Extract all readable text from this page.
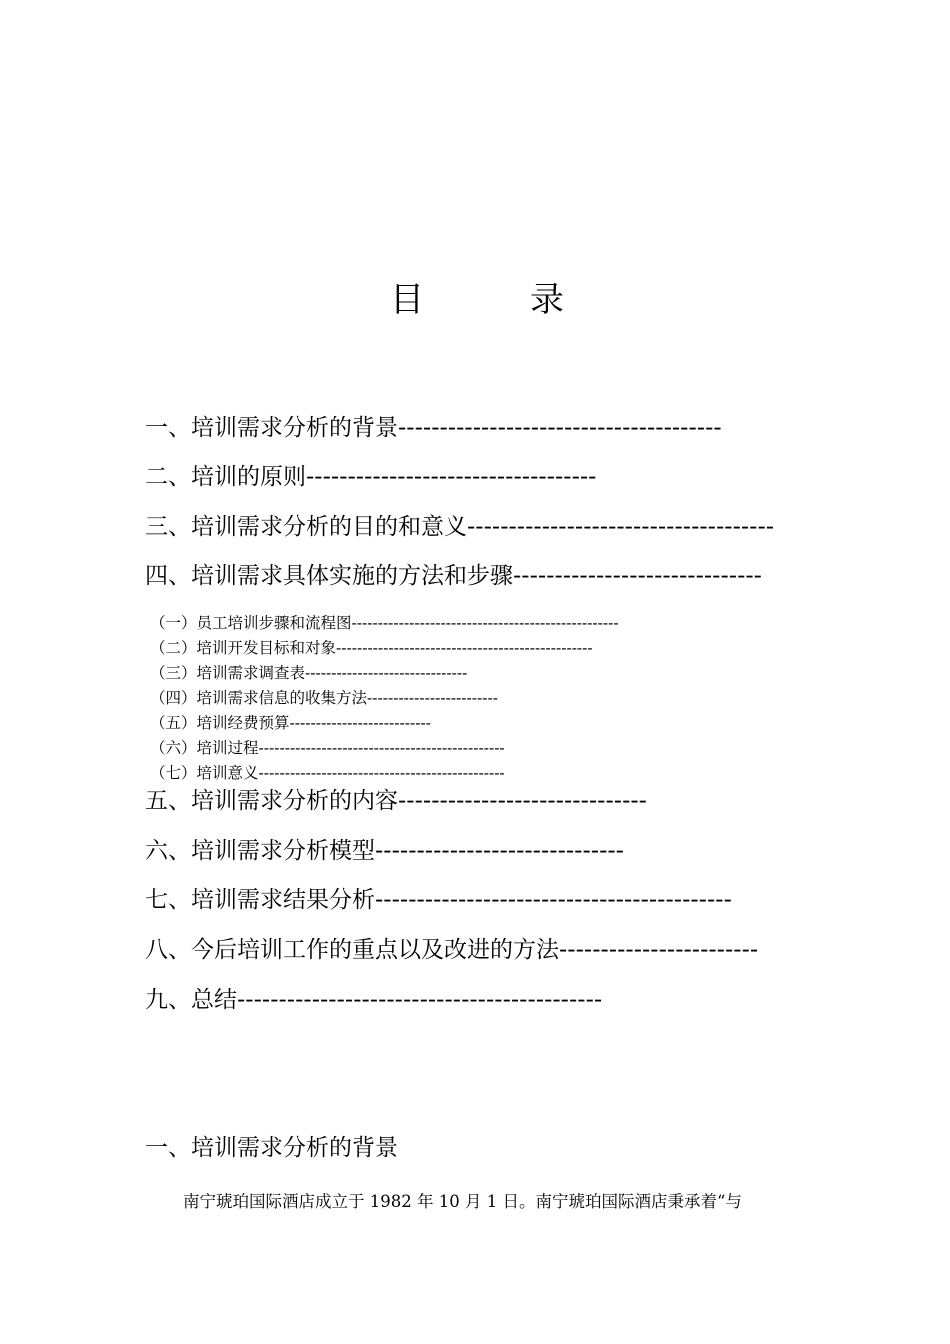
目	录
一、培训需求分析的背景---------------------------------------
二、培训的原则-----------------------------------
三、培训需求分析的目的和意义-------------------------------------
四、培训需求具体实施的方法和步骤------------------------------
（一）员工培训步骤和流程图---------------------------------------------------
（二）培训开发目标和对象-------------------------------------------------
（三）培训需求调查表-------------------------------
（四）培训需求信息的收集方法-------------------------
（五）培训经费预算---------------------------
（六）培训过程-----------------------------------------------
（七）培训意义-----------------------------------------------
五、培训需求分析的内容------------------------------
六、培训需求分析模型------------------------------
七、培训需求结果分析-------------------------------------------
八、今后培训工作的重点以及改进的方法------------------------
九、总结--------------------------------------------
一、培训需求分析的背景
南宁琥珀国际酒店成立于 1982 年 10 月 1 日。南宁琥珀国际酒店秉承着“与
